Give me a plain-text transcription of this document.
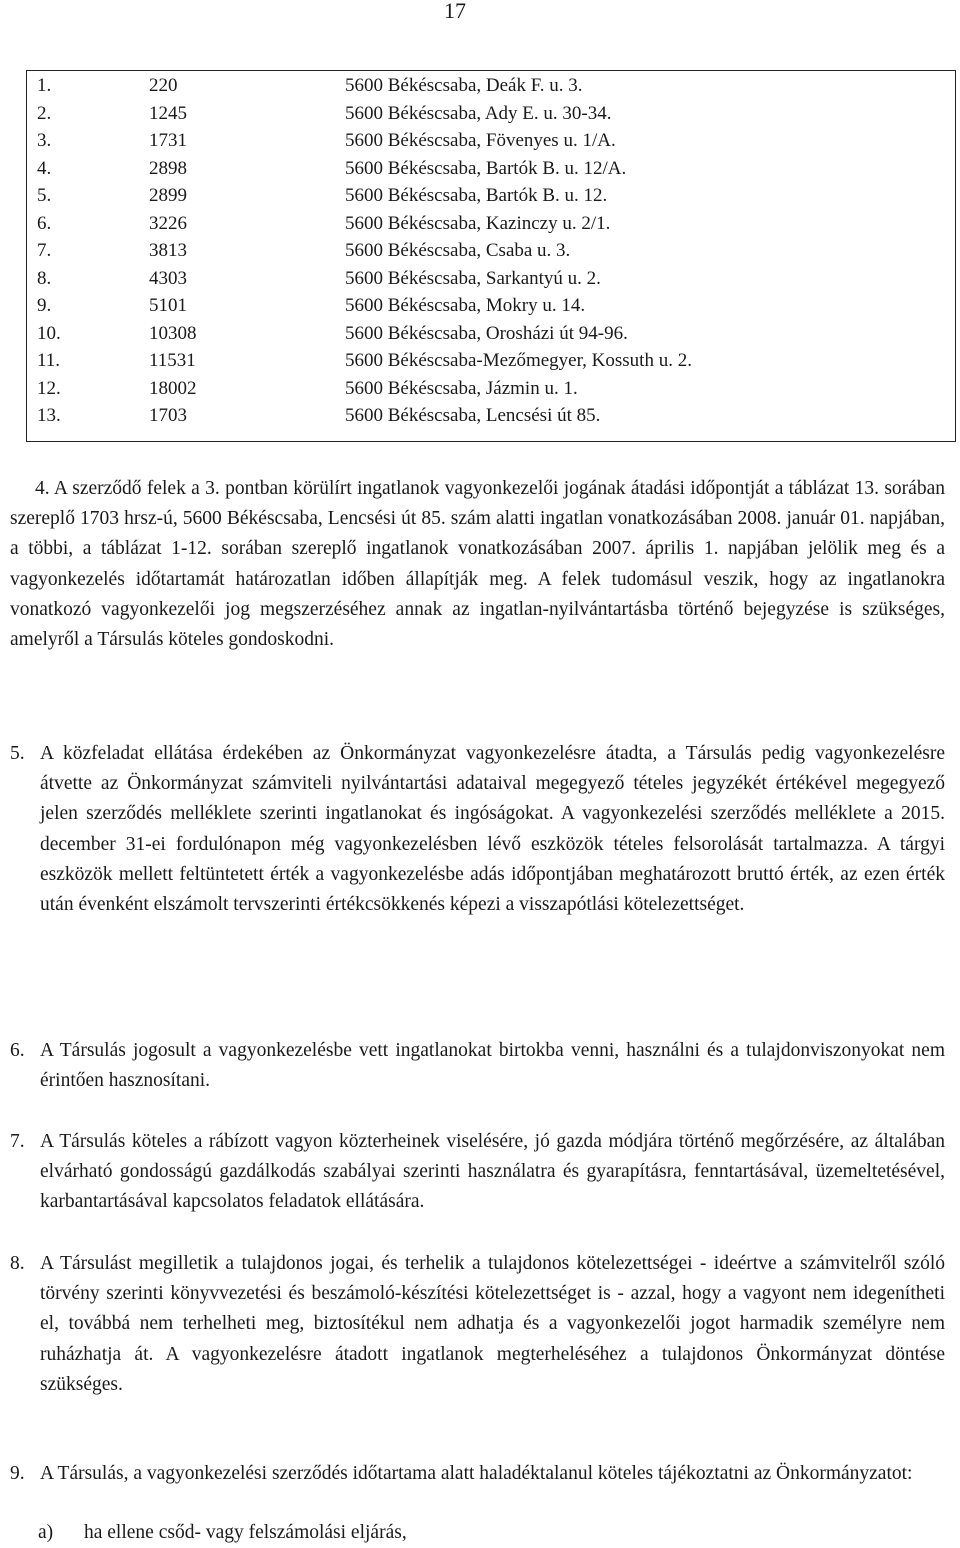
17
1.	220	5600 Békéscsaba, Deák F. u. 3.
2.	1245	5600 Békéscsaba, Ady E. u. 30-34.
3.	1731	5600 Békéscsaba, Fövenyes u. 1/A.
4.	2898	5600 Békéscsaba, Bartók B. u. 12/A.
5.	2899	5600 Békéscsaba, Bartók B. u. 12.
6.	3226	5600 Békéscsaba, Kazinczy u. 2/1.
7.	3813	5600 Békéscsaba, Csaba u. 3.
8.	4303	5600 Békéscsaba, Sarkantyú u. 2.
9.	5101	5600 Békéscsaba, Mokry u. 14.
10.	10308	5600 Békéscsaba, Orosházi út 94-96.
11.	11531	5600 Békéscsaba-Mezőmegyer, Kossuth u. 2.
12.	18002	5600 Békéscsaba, Jázmin u. 1.
13.	1703	5600 Békéscsaba, Lencsési út 85.
4. A szerződő felek a 3. pontban körülírt ingatlanok vagyonkezelői jogának átadási időpontját a táblázat 13. sorában szereplő 1703 hrsz-ú, 5600 Békéscsaba, Lencsési út 85. szám alatti ingatlan vonatkozásában 2008. január 01. napjában, a többi, a táblázat 1-12. sorában szereplő ingatlanok vonatkozásában 2007. április 1. napjában jelölik meg és a vagyonkezelés időtartamát határozatlan időben állapítják meg. A felek tudomásul veszik, hogy az ingatlanokra vonatkozó vagyonkezelői jog megszerzéséhez annak az ingatlan-nyilvántartásba történő bejegyzése is szükséges, amelyről a Társulás köteles gondoskodni.
5. A közfeladat ellátása érdekében az Önkormányzat vagyonkezelésre átadta, a Társulás pedig vagyonkezelésre átvette az Önkormányzat számviteli nyilvántartási adataival megegyező tételes jegyzékét értékével megegyező jelen szerződés melléklete szerinti ingatlanokat és ingóságokat. A vagyonkezelési szerződés melléklete a 2015. december 31-ei fordulónapon még vagyonkezelésben lévő eszközök tételes felsorolását tartalmazza. A tárgyi eszközök mellett feltüntetett érték a vagyonkezelésbe adás időpontjában meghatározott bruttó érték, az ezen érték után évenként elszámolt tervszerinti értékcsökkenés képezi a visszapótlási kötelezettséget.
6. A Társulás jogosult a vagyonkezelésbe vett ingatlanokat birtokba venni, használni és a tulajdonviszonyokat nem érintően hasznosítani.
7. A Társulás köteles a rábízott vagyon közterheinek viselésére, jó gazda módjára történő megőrzésére, az általában elvárható gondosságú gazdálkodás szabályai szerinti használatra és gyarapításra, fenntartásával, üzemeltetésével, karbantartásával kapcsolatos feladatok ellátására.
8. A Társulást megilletik a tulajdonos jogai, és terhelik a tulajdonos kötelezettségei - ideértve a számvitelről szóló törvény szerinti könyvvezetési és beszámoló-készítési kötelezettséget is - azzal, hogy a vagyont nem idegenítheti el, továbbá nem terhelheti meg, biztosítékul nem adhatja és a vagyonkezelői jogot harmadik személyre nem ruházhatja át. A vagyonkezelésre átadott ingatlanok megterheléséhez a tulajdonos Önkormányzat döntése szükséges.
9. A Társulás, a vagyonkezelési szerződés időtartama alatt haladéktalanul köteles tájékoztatni az Önkormányzatot:
a) ha ellene csőd- vagy felszámolási eljárás,
